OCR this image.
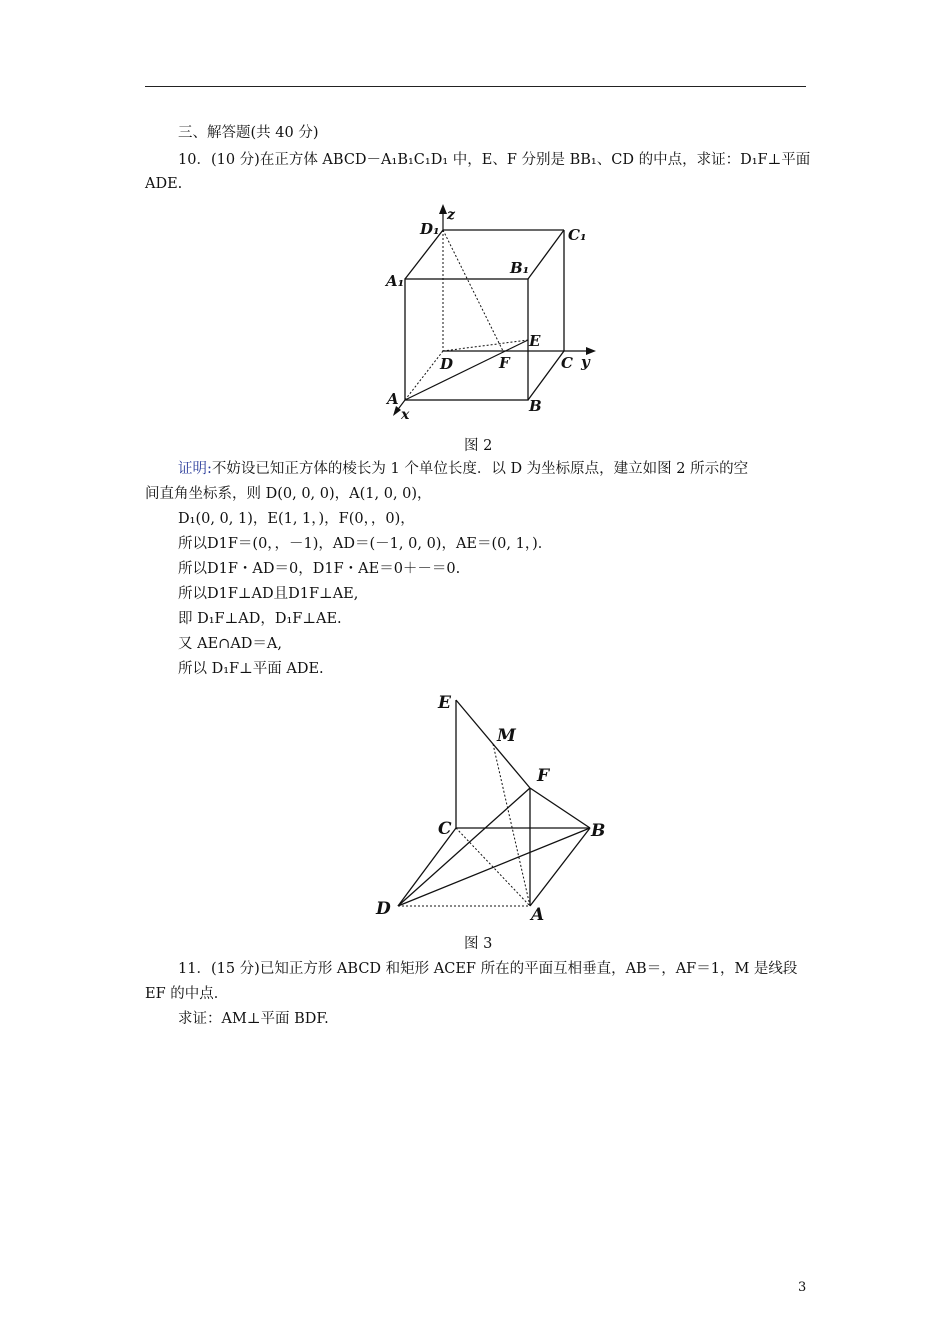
三、解答题(共 40 分)
10．(10 分)在正方体 ABCD－A₁B₁C₁D₁ 中，E、F 分别是 BB₁、CD 的中点，求证：D₁F⊥平面
ADE.
D₁
z
C₁
A₁
B₁
E
D	F	C y
A	B
x
图 2
证明:不妨设已知正方体的棱长为 1 个单位长度．以 D 为坐标原点，建立如图 2 所示的空
间直角坐标系，则 D(0, 0, 0)，A(1, 0, 0)，
D₁(0, 0, 1)，E(1, 1，)，F(0，，0)，
所以D1F＝(0，，－1)，AD＝(－1, 0, 0)，AE＝(0, 1，)．
所以D1F・AD＝0，D1F・AE＝0＋－＝0.
所以D1F⊥AD且D1F⊥AE,
即 D₁F⊥AD，D₁F⊥AE.
又 AE∩AD＝A,
所以 D₁F⊥平面 ADE.
E
M
F
C	B
D	A
图 3
11．(15 分)已知正方形 ABCD 和矩形 ACEF 所在的平面互相垂直，AB＝，AF＝1，M 是线段
EF 的中点．
求证：AM⊥平面 BDF.
3
